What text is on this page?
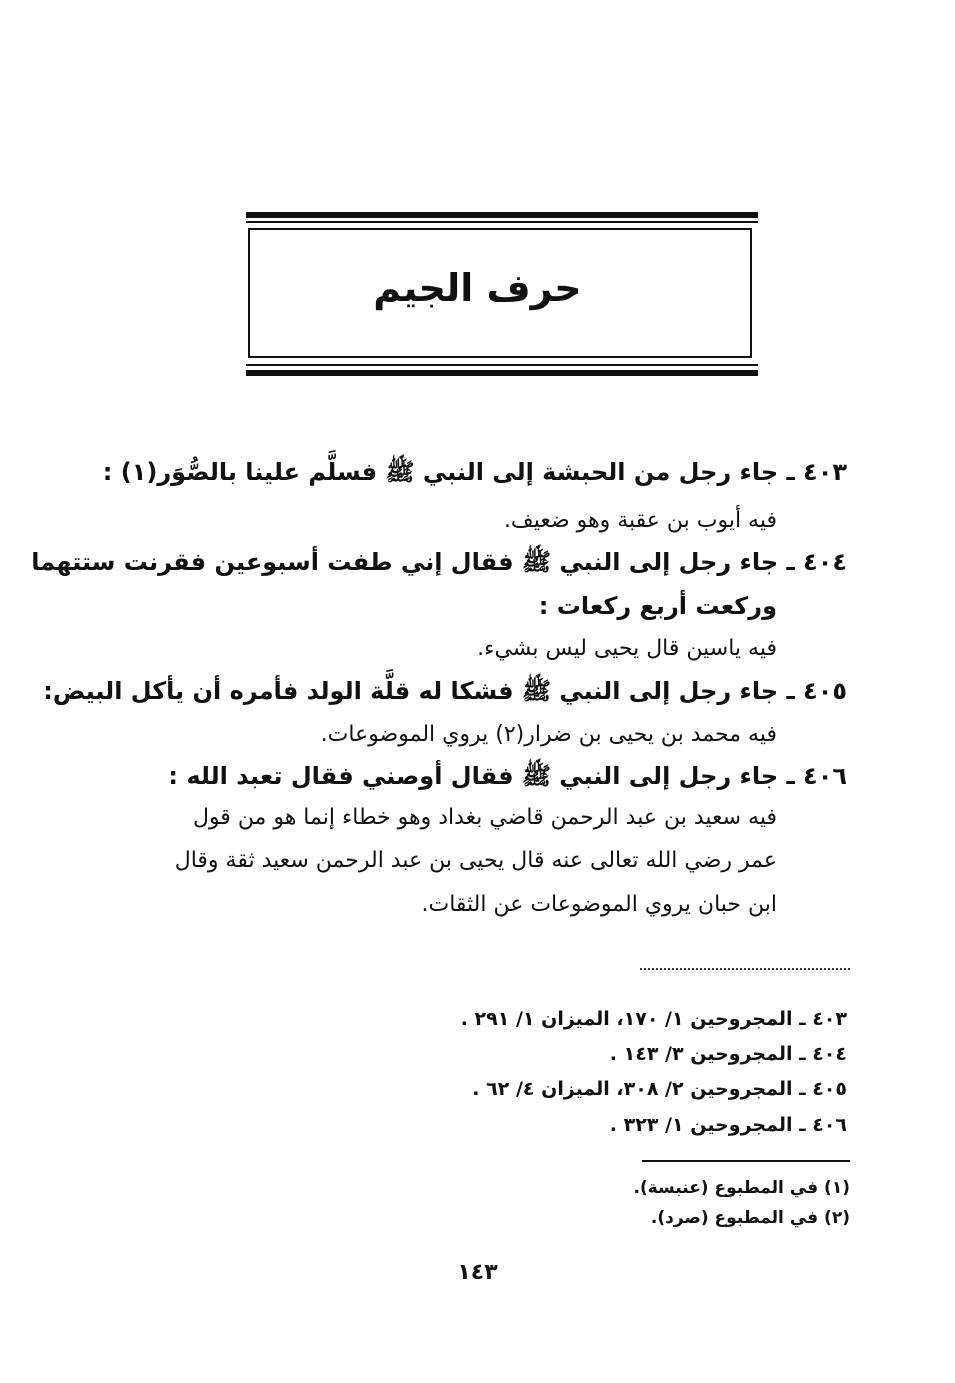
حرف الجيم
٤٠٣ ـ جاء رجل من الحبشة إلى النبي ﷺ فسلَّم علينا بالصُّوَر(١) :
فيه أيوب بن عقبة وهو ضعيف.
٤٠٤ ـ جاء رجل إلى النبي ﷺ فقال إني طفت أسبوعين فقرنت ستتهما
وركعت أربع ركعات :
فيه ياسين قال يحيى ليس بشيء.
٤٠٥ ـ جاء رجل إلى النبي ﷺ فشكا له قلَّة الولد فأمره أن يأكل البيض:
فيه محمد بن يحيى بن ضرار(٢) يروي الموضوعات.
٤٠٦ ـ جاء رجل إلى النبي ﷺ فقال أوصني فقال تعبد الله :
فيه سعيد بن عبد الرحمن قاضي بغداد وهو خطاء إنما هو من قول
عمر رضي الله تعالى عنه قال يحيى بن عبد الرحمن سعيد ثقة وقال
ابن حبان يروي الموضوعات عن الثقات.
٤٠٣ ـ المجروحين ١/ ١٧٠، الميزان ١/ ٢٩١ .
٤٠٤ ـ المجروحين ٣/ ١٤٣ .
٤٠٥ ـ المجروحين ٢/ ٣٠٨، الميزان ٤/ ٦٢ .
٤٠٦ ـ المجروحين ١/ ٣٢٣ .
(١) في المطبوع (عنبسة).
(٢) في المطبوع (صرد).
١٤٣
